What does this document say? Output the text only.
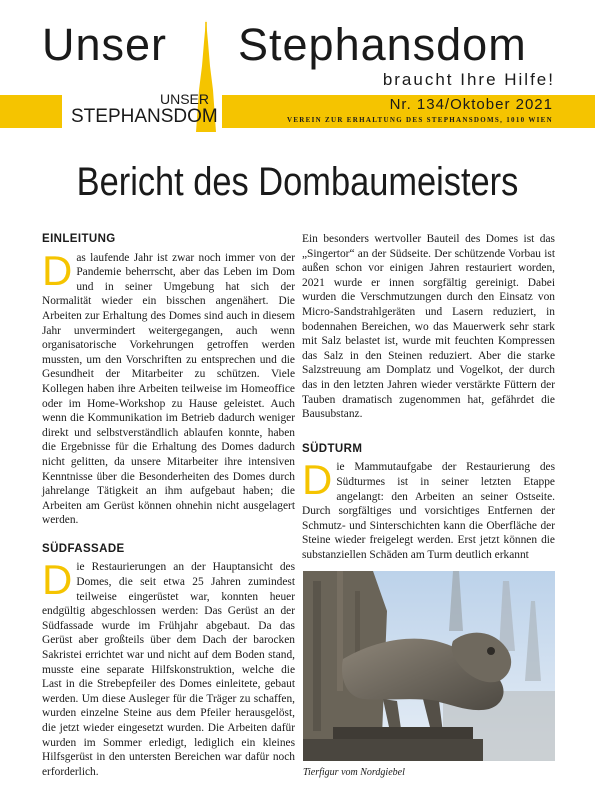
Unser Stephansdom
braucht Ihre Hilfe!
UNSER
STEPHANSDOM
Nr. 134/Oktober 2021
VEREIN ZUR ERHALTUNG DES STEPHANSDOMS, 1010 WIEN
Bericht des Dombaumeisters
EINLEITUNG

Das laufende Jahr ist zwar noch immer von der Pandemie beherrscht, aber das Leben im Dom und in seiner Umgebung hat sich der Normalität wieder ein bisschen angenähert. Die Arbeiten zur Erhaltung des Domes sind auch in diesem Jahr unvermindert weitergegangen, auch wenn organisatorische Vorkehrungen getroffen werden mussten, um den Vorschriften zu entsprechen und die Gesundheit der Mitarbeiter zu schützen. Viele Kollegen haben ihre Arbeiten teilweise im Homeoffice oder im Home-Workshop zu Hause geleistet. Auch wenn die Kommunikation im Betrieb dadurch weniger direkt und selbstverständlich ablaufen konnte, haben die Ergebnisse für die Erhaltung des Domes dadurch nicht gelitten, da unsere Mitarbeiter ihre intensiven Kenntnisse über die Besonderheiten des Domes durch jahrelange Tätigkeit an ihm aufgebaut haben; die Arbeiten am Gerüst können ohnehin nicht ausgelagert werden.

SÜDFASSADE

Die Restaurierungen an der Hauptansicht des Domes, die seit etwa 25 Jahren zumindest teilweise eingerüstet war, konnten heuer endgültig abgeschlossen werden: Das Gerüst an der Südfassade wurde im Frühjahr abgebaut. Da das Gerüst aber großteils über dem Dach der barocken Sakristei errichtet war und nicht auf dem Boden stand, musste eine separate Hilfskonstruktion, welche die Last in die Strebepfeiler des Domes einleitete, gebaut werden. Um diese Ausleger für die Träger zu schaffen, wurden einzelne Steine aus dem Pfeiler herausgelöst, die jetzt wieder eingesetzt wurden. Die Arbeiten dafür wurden im Sommer erledigt, lediglich ein kleines Hilfsgerüst in den untersten Bereichen war dafür noch erforderlich.

Ein besonders wertvoller Bauteil des Domes ist das „Singertor“ an der Südseite. Der schützende Vorbau ist außen schon vor einigen Jahren restauriert worden, 2021 wurde er innen sorgfältig gereinigt. Dabei wurden die Verschmutzungen durch den Einsatz von Micro-Sandstrahlgeräten und Lasern reduziert, in bodennahen Bereichen, wo das Mauerwerk sehr stark mit Salz belastet ist, wurde mit feuchten Kompressen das Salz in den Steinen reduziert. Aber die starke Salzstreuung am Domplatz und Vogelkot, der durch das in den letzten Jahren wieder verstärkte Füttern der Tauben dramatisch zugenommen hat, gefährdet die Bausubstanz.

SÜDTURM

Die Mammutaufgabe der Restaurierung des Südturmes ist in seiner letzten Etappe angelangt: den Arbeiten an seiner Ostseite. Durch sorgfältiges und vorsichtiges Entfernen der Schmutz- und Sinterschichten kann die Oberfläche der Steine wieder freigelegt werden. Erst jetzt können die substanziellen Schäden am Turm deutlich erkannt

Tierfigur vom Nordgiebel
